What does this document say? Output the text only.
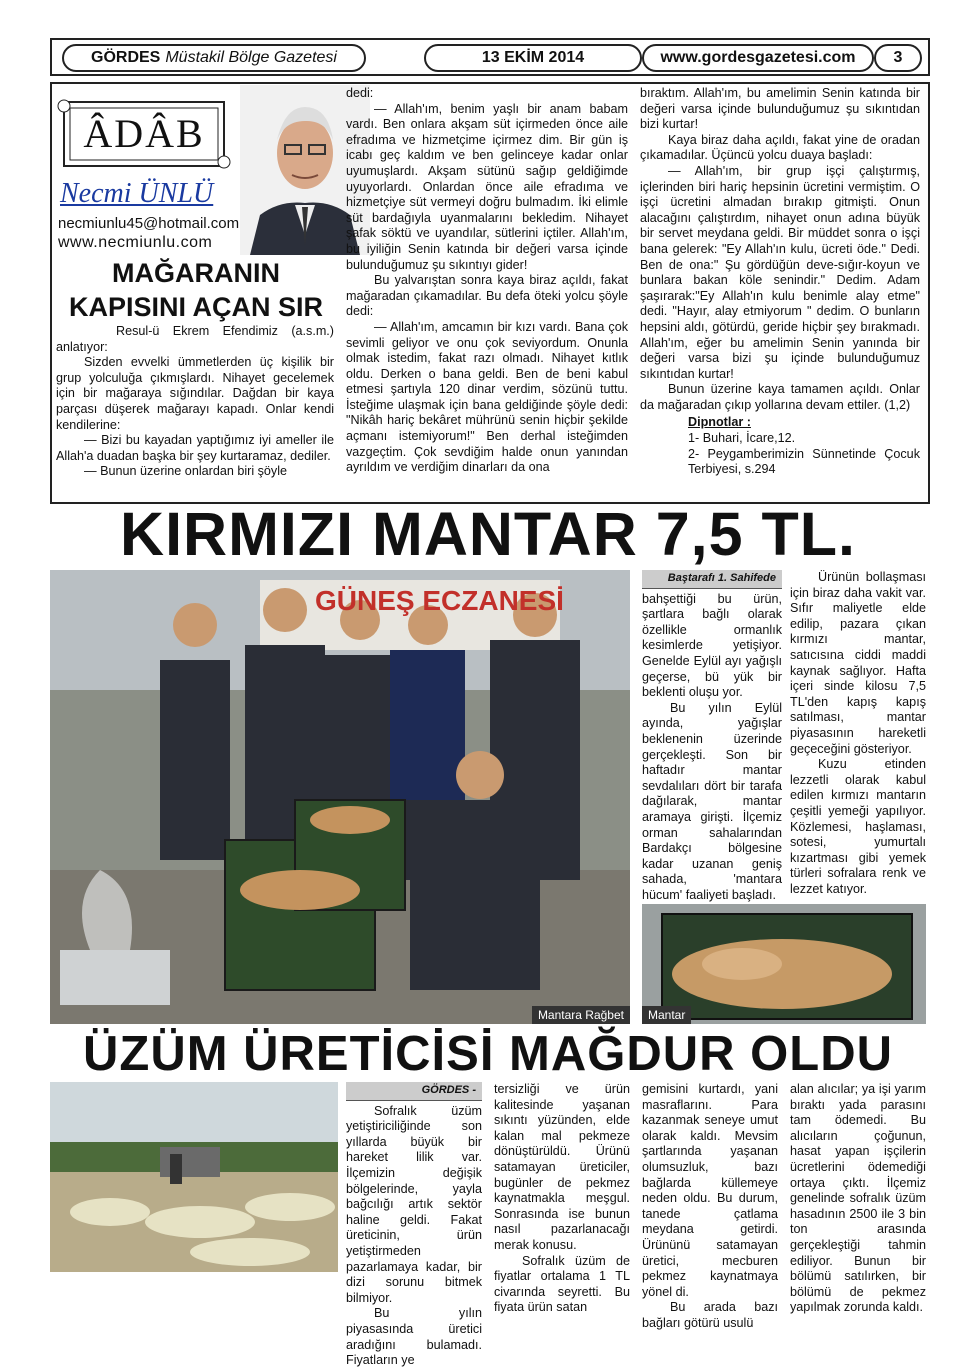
GÖRDES Müstakil Bölge Gazetesi	13 EKİM 2014	www.gordesgazetesi.com	3
ÂDÂB
Necmi ÜNLÜ
necmiunlu45@hotmail.com
www.necmiunlu.com
MAĞARANIN
KAPISINI AÇAN SIR

Resul-ü Ekrem Efendimiz (a.s.m.) anlatıyor:

Sizden evvelki ümmetlerden üç kişilik bir grup yolculuğa çıkmışlardı. Nihayet gecelemek için bir mağaraya sığındılar. Dağdan bir kaya parçası düşerek mağarayı kapadı. Onlar kendi kendilerine:

— Bizi bu kayadan yaptığımız iyi ameller ile Allah'a duadan başka bir şey kurtaramaz, dediler.

— Bunun üzerine onlardan biri şöyle

dedi:

— Allah'ım, benim yaşlı bir anam babam vardı. Ben onlara akşam süt içirmeden önce aile efradıma ve hizmetçime içirmez dim. Bir gün iş icabı geç kaldım ve ben gelinceye kadar onlar uyumuşlardı. Akşam sütünü sağıp geldiğimde uyuyorlardı. Onlardan önce aile efradıma ve hizmetçiye süt vermeyi doğru bulmadım. İki elimle süt bardağıyla uyanmalarını bekledim. Nihayet şafak söktü ve uyandılar, sütlerini içtiler. Allah'ım, bu iyiliğin Senin katında bir değeri varsa içinde bulunduğumuz şu sıkıntıyı gider!

Bu yalvarıştan sonra kaya biraz açıldı, fakat mağaradan çıkamadılar. Bu defa öteki yolcu şöyle dedi:

— Allah'ım, amcamın bir kızı vardı. Bana çok sevimli geliyor ve onu çok seviyordum. Onunla olmak istedim, fakat razı olmadı. Nihayet kıtlık oldu. Derken o bana geldi. Ben de beni kabul etmesi şartıyla 120 dinar verdim, sözünü tuttu. İsteğime ulaşmak için bana geldiğinde şöyle dedi: "Nikâh hariç bekâret mührünü senin hiçbir şekilde açmanı istemiyorum!" Ben derhal isteğimden vazgeçtim. Çok sevdiğim halde onun yanından ayrıldım ve verdiğim dinarları da ona

bıraktım. Allah'ım, bu amelimin Senin katında bir değeri varsa içinde bulunduğumuz şu sıkıntıdan bizi kurtar!

Kaya biraz daha açıldı, fakat yine de oradan çıkamadılar. Üçüncü yolcu duaya başladı:

— Allah'ım, bir grup işçi çalıştırmış, içlerinden biri hariç hepsinin ücretini vermiştim. O işçi ücretini almadan bırakıp gitmişti. Onun alacağını çalıştırdım, nihayet onun adına büyük bir servet meydana geldi. Bir müddet sonra o işçi bana gelerek: "Ey Allah'ın kulu, ücreti öde." Dedi. Ben de ona:" Şu gördüğün deve-sığır-koyun ve bunlara bakan köle senindir." Dedim. Adam şaşırarak:"Ey Allah'ın kulu benimle alay etme" dedi. "Hayır, alay etmiyorum " dedim. O bunların hepsini aldı, götürdü, geride hiçbir şey bırakmadı. Allah'ım, eğer bu amelimin Senin yanında bir değeri varsa bizi şu içinde bulunduğumuz sıkıntıdan kurtar!

Bunun üzerine kaya tamamen açıldı. Onlar da mağaradan çıkıp yollarına devam ettiler. (1,2)

Dipnotlar :
1- Buhari, İcare,12.
2- Peygamberimizin Sünnetinde Çocuk Terbiyesi, s.294
KIRMIZI MANTAR 7,5 TL.
GÜNEŞ ECZANESİ
Mantara Rağbet
Baştarafı 1. Sahifede

bahşettiği bu ürün, şartlara bağlı olarak özellikle ormanlık kesimlerde yetişiyor. Genelde Eylül ayı yağışlı geçerse, bü yük bir beklenti oluşu yor.

Bu yılın Eylül ayında, yağışlar beklenenin üzerinde gerçekleşti. Son bir haftadır mantar sevdalıları dört bir tarafa dağılarak, mantar aramaya girişti. İlçemiz orman sahalarından Bardakçı bölgesine kadar uzanan geniş sahada, 'mantara hücum' faaliyeti başladı.

Ürünün bollaşması için biraz daha vakit var. Sıfır maliyetle elde edilip, pazara çıkan kırmızı mantar, satıcısına ciddi maddi kaynak sağlıyor. Hafta içeri sinde kilosu 7,5 TL'den kapış kapış satılması, mantar piyasasının hareketli geçeceğini gösteriyor.

Kuzu etinden lezzetli olarak kabul edilen kırmızı mantarın çeşitli yemeği yapılıyor. Közlemesi, haşlaması, sotesi, yumurtalı kızartması gibi yemek türleri sofralara renk ve lezzet katıyor.

Mantar
ÜZÜM ÜRETİCİSİ MAĞDUR OLDU
GÖRDES -

Sofralık üzüm yetiştiriciliğinde son yıllarda büyük bir hareket lilik var. İlçemizin değişik bölgelerinde, yayla bağcılığı artık sektör haline geldi. Fakat üreticinin, ürün yetiştirmeden pazarlamaya kadar, bir dizi sorunu bitmek bilmiyor.

Bu yılın piyasasında üretici aradığını bulamadı. Fiyatların ye

tersizliği ve ürün kalitesinde yaşanan sıkıntı yüzünden, elde kalan mal pekmeze dönüştürüldü. Ürünü satamayan üreticiler, bugünler de pekmez kaynatmakla meşgul. Sonrasında ise bunun nasıl pazarlanacağı merak konusu.

Sofralık üzüm de fiyatlar ortalama 1 TL civarında seyretti. Bu fiyata ürün satan

gemisini kurtardı, yani masraflarını. Para kazanmak seneye umut olarak kaldı. Mevsim şartlarında yaşanan olumsuzluk, bazı bağlarda küllemeye neden oldu. Bu durum, tanede çatlama meydana getirdi. Ürününü satamayan üretici, mecburen pekmez kaynatmaya yönel di.

Bu arada bazı bağları götürü usulü

alan alıcılar; ya işi yarım bıraktı yada parasını tam ödemedi. Bu alıcıların çoğunun, hasat yapan işçilerin ücretlerini ödemediği ortaya çıktı. İlçemiz genelinde sofralık üzüm hasadının 2500 ile 3 bin ton arasında gerçekleştiği tahmin ediliyor. Bunun bir bölümü satılırken, bir bölümü de pekmez yapılmak zorunda kaldı.
